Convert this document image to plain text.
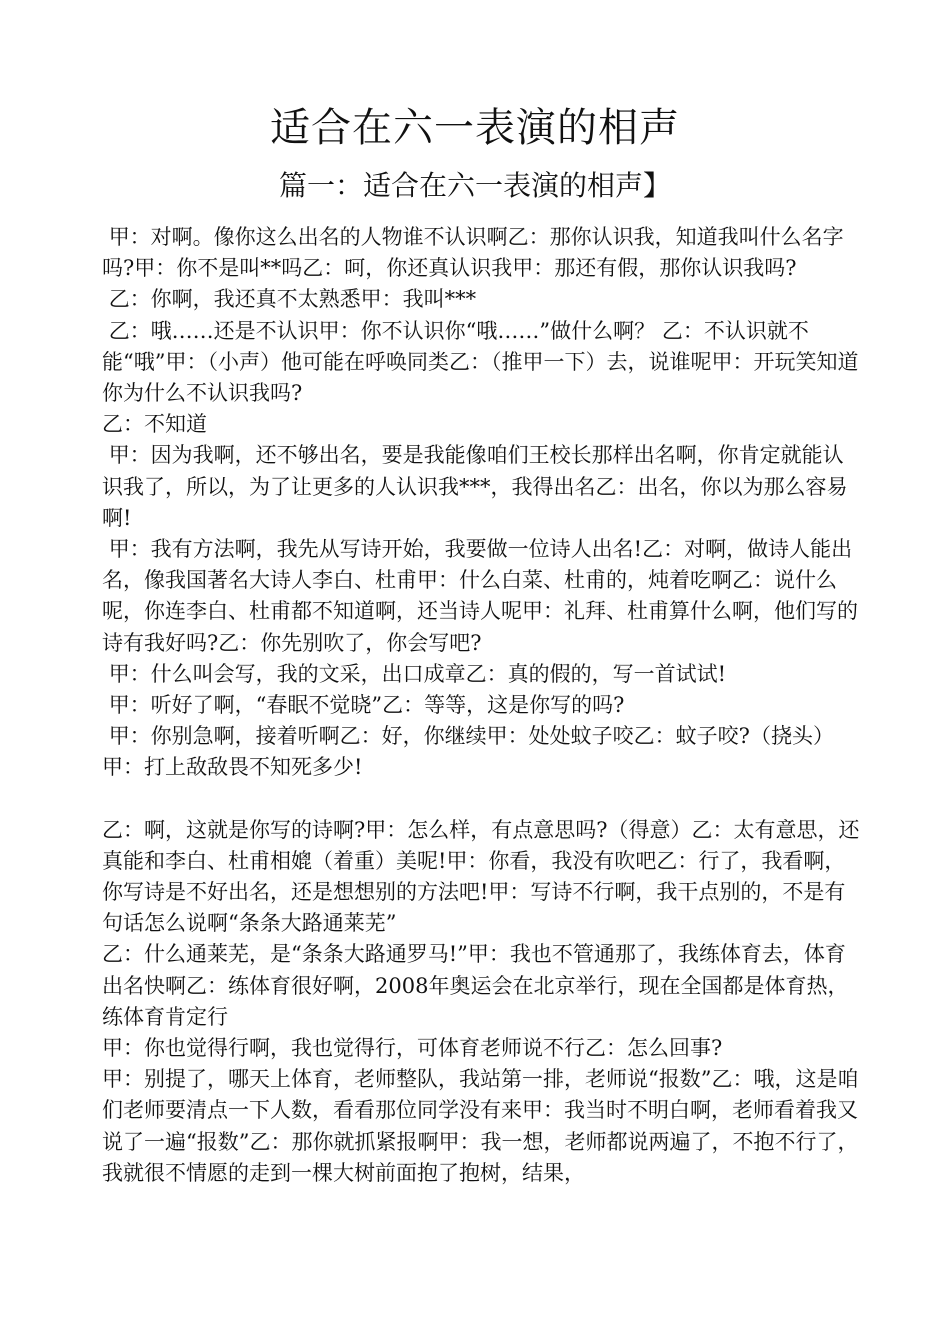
适合在六一表演的相声
篇一：适合在六一表演的相声】

甲：对啊。像你这么出名的人物谁不认识啊乙：那你认识我，知道我叫什么名字吗?甲：你不是叫**吗乙：呵，你还真认识我甲：那还有假，那你认识我吗?

乙：你啊，我还真不太熟悉甲：我叫***

乙：哦……还是不认识甲：你不认识你“哦……”做什么啊？ 乙：不认识就不能“哦”甲：（小声）他可能在呼唤同类乙：（推甲一下）去，说谁呢甲：开玩笑知道你为什么不认识我吗?

乙：不知道

甲：因为我啊，还不够出名，要是我能像咱们王校长那样出名啊，你肯定就能认识我了，所以，为了让更多的人认识我***，我得出名乙：出名，你以为那么容易啊!

甲：我有方法啊，我先从写诗开始，我要做一位诗人出名!乙：对啊，做诗人能出名，像我国著名大诗人李白、杜甫甲：什么白菜、杜甫的，炖着吃啊乙：说什么呢，你连李白、杜甫都不知道啊，还当诗人呢甲：礼拜、杜甫算什么啊，他们写的诗有我好吗?乙：你先别吹了，你会写吧?

甲：什么叫会写，我的文采，出口成章乙：真的假的，写一首试试!

甲：听好了啊，“春眠不觉晓”乙：等等，这是你写的吗?

甲：你别急啊，接着听啊乙：好，你继续甲：处处蚊子咬乙：蚊子咬?（挠头）甲：打上敌敌畏不知死多少!

乙：啊，这就是你写的诗啊?甲：怎么样，有点意思吗?（得意）乙：太有意思，还真能和李白、杜甫相媲（着重）美呢!甲：你看，我没有吹吧乙：行了，我看啊，你写诗是不好出名，还是想想别的方法吧!甲：写诗不行啊，我干点别的，不是有句话怎么说啊“条条大路通莱芜”

乙：什么通莱芜，是“条条大路通罗马!”甲：我也不管通那了，我练体育去，体育出名快啊乙：练体育很好啊，2008年奥运会在北京举行，现在全国都是体育热，练体育肯定行

甲：你也觉得行啊，我也觉得行，可体育老师说不行乙：怎么回事?

甲：别提了，哪天上体育，老师整队，我站第一排，老师说“报数”乙：哦，这是咱们老师要清点一下人数，看看那位同学没有来甲：我当时不明白啊，老师看着我又说了一遍“报数”乙：那你就抓紧报啊甲：我一想，老师都说两遍了，不抱不行了，我就很不情愿的走到一棵大树前面抱了抱树，结果，
